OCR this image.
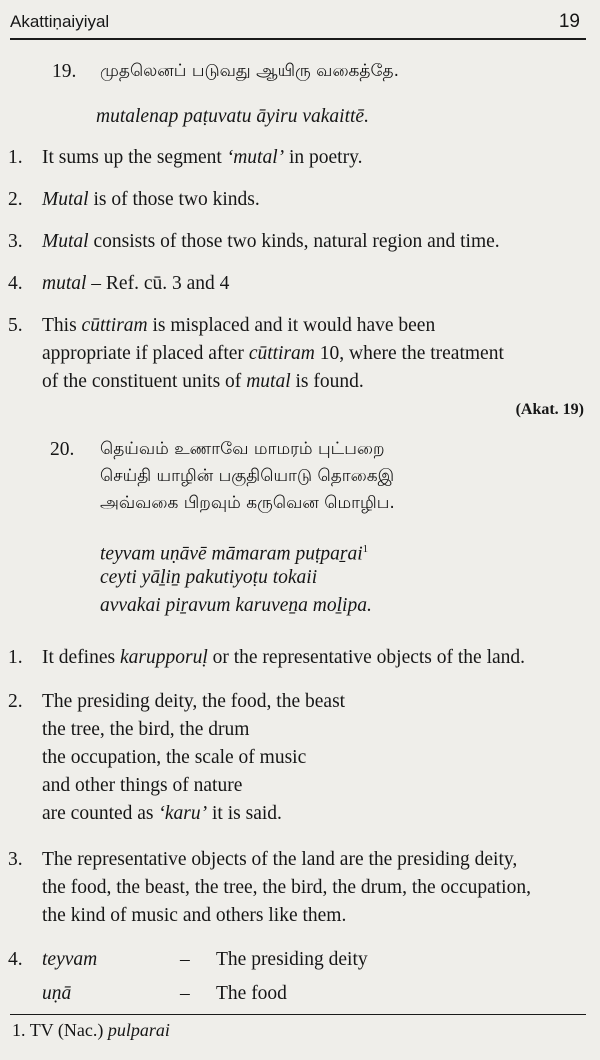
Akattiṇaiyiyal	19
19. முதலெனப் படுவது ஆயிரு வகைத்தே.
mutalenap paṭuvatu āyiru vakaittē.
1. It sums up the segment ‘mutal’ in poetry.
2. Mutal is of those two kinds.
3. Mutal consists of those two kinds, natural region and time.
4. mutal – Ref. cū. 3 and 4
5. This cūttiram is misplaced and it would have been
appropriate if placed after cūttiram 10, where the treatment
of the constituent units of mutal is found.
(Akat. 19)
20. தெய்வம் உணாவே மாமரம் புட்பறை
செய்தி யாழின் பகுதியொடு தொகைஇ
அவ்வகை பிறவும் கருவென மொழிப.
teyvam uṇāvē māmaram puṭpaṟai$^1$
ceyti yāḻiṉ pakutiyoṭu tokaii
avvakai piṟavum karuveṉa moḻipa.
1. It defines karupporuḷ or the representative objects of the land.
2. The presiding deity, the food, the beast
the tree, the bird, the drum
the occupation, the scale of music
and other things of nature
are counted as ‘karu’ it is said.
3. The representative objects of the land are the presiding deity,
the food, the beast, the tree, the bird, the drum, the occupation,
the kind of music and others like them.
4. teyvam	– The presiding deity
uṇā	– The food
1. TV (Nac.) pulparai
